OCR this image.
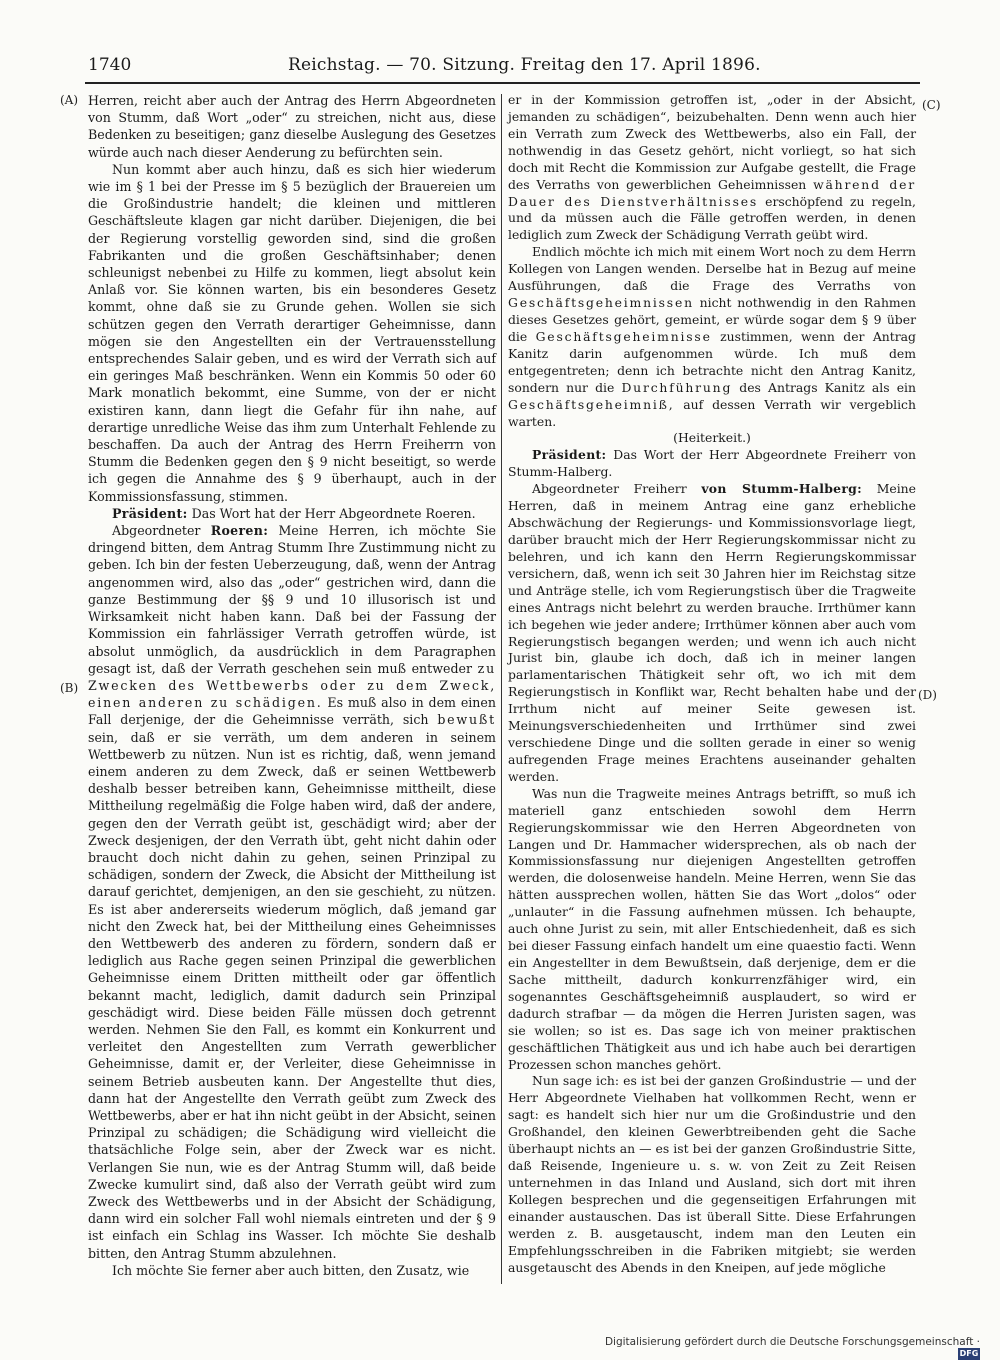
1740	Reichstag. — 70. Sitzung. Freitag den 17. April 1896.
(A)
(B)
(C)
(D)

Herren, reicht aber auch der Antrag des Herrn Abgeordneten von Stumm, daß Wort „oder“ zu streichen, nicht aus, diese Bedenken zu beseitigen; ganz dieselbe Auslegung des Gesetzes würde auch nach dieser Aenderung zu befürchten sein.

Nun kommt aber auch hinzu, daß es sich hier wiederum wie im § 1 bei der Presse im § 5 bezüglich der Brauereien um die Großindustrie handelt; die kleinen und mittleren Geschäftsleute klagen gar nicht darüber. Diejenigen, die bei der Regierung vorstellig geworden sind, sind die großen Fabrikanten und die großen Geschäftsinhaber; denen schleunigst nebenbei zu Hilfe zu kommen, liegt absolut kein Anlaß vor. Sie können warten, bis ein besonderes Gesetz kommt, ohne daß sie zu Grunde gehen. Wollen sie sich schützen gegen den Verrath derartiger Geheimnisse, dann mögen sie den Angestellten ein der Vertrauensstellung entsprechendes Salair geben, und es wird der Verrath sich auf ein geringes Maß beschränken. Wenn ein Kommis 50 oder 60 Mark monatlich bekommt, eine Summe, von der er nicht existiren kann, dann liegt die Gefahr für ihn nahe, auf derartige unredliche Weise das ihm zum Unterhalt Fehlende zu beschaffen. Da auch der Antrag des Herrn Freiherrn von Stumm die Bedenken gegen den § 9 nicht beseitigt, so werde ich gegen die Annahme des § 9 überhaupt, auch in der Kommissionsfassung, stimmen.

Präsident: Das Wort hat der Herr Abgeordnete Roeren.

Abgeordneter Roeren: Meine Herren, ich möchte Sie dringend bitten, dem Antrag Stumm Ihre Zustimmung nicht zu geben. Ich bin der festen Ueberzeugung, daß, wenn der Antrag angenommen wird, also das „oder“ gestrichen wird, dann die ganze Bestimmung der §§ 9 und 10 illusorisch ist und Wirksamkeit nicht haben kann. Daß bei der Fassung der Kommission ein fahrlässiger Verrath getroffen würde, ist absolut unmöglich, da ausdrücklich in dem Paragraphen gesagt ist, daß der Verrath geschehen sein muß entweder zu Zwecken des Wettbewerbs oder zu dem Zweck, einen anderen zu schädigen. Es muß also in dem einen Fall derjenige, der die Geheimnisse verräth, sich bewußt sein, daß er sie verräth, um dem anderen in seinem Wettbewerb zu nützen. Nun ist es richtig, daß, wenn jemand einem anderen zu dem Zweck, daß er seinen Wettbewerb deshalb besser betreiben kann, Geheimnisse mittheilt, diese Mittheilung regelmäßig die Folge haben wird, daß der andere, gegen den der Verrath geübt ist, geschädigt wird; aber der Zweck desjenigen, der den Verrath übt, geht nicht dahin oder braucht doch nicht dahin zu gehen, seinen Prinzipal zu schädigen, sondern der Zweck, die Absicht der Mittheilung ist darauf gerichtet, demjenigen, an den sie geschieht, zu nützen. Es ist aber andererseits wiederum möglich, daß jemand gar nicht den Zweck hat, bei der Mittheilung eines Geheimnisses den Wettbewerb des anderen zu fördern, sondern daß er lediglich aus Rache gegen seinen Prinzipal die gewerblichen Geheimnisse einem Dritten mittheilt oder gar öffentlich bekannt macht, lediglich, damit dadurch sein Prinzipal geschädigt wird. Diese beiden Fälle müssen doch getrennt werden. Nehmen Sie den Fall, es kommt ein Konkurrent und verleitet den Angestellten zum Verrath gewerblicher Geheimnisse, damit er, der Verleiter, diese Geheimnisse in seinem Betrieb ausbeuten kann. Der Angestellte thut dies, dann hat der Angestellte den Verrath geübt zum Zweck des Wettbewerbs, aber er hat ihn nicht geübt in der Absicht, seinen Prinzipal zu schädigen; die Schädigung wird vielleicht die thatsächliche Folge sein, aber der Zweck war es nicht. Verlangen Sie nun, wie es der Antrag Stumm will, daß beide Zwecke kumulirt sind, daß also der Verrath geübt wird zum Zweck des Wettbewerbs und in der Absicht der Schädigung, dann wird ein solcher Fall wohl niemals eintreten und der § 9 ist einfach ein Schlag ins Wasser. Ich möchte Sie deshalb bitten, den Antrag Stumm abzulehnen.

Ich möchte Sie ferner aber auch bitten, den Zusatz, wie

er in der Kommission getroffen ist, „oder in der Absicht, jemanden zu schädigen“, beizubehalten. Denn wenn auch hier ein Verrath zum Zweck des Wettbewerbs, also ein Fall, der nothwendig in das Gesetz gehört, nicht vorliegt, so hat sich doch mit Recht die Kommission zur Aufgabe gestellt, die Frage des Verraths von gewerblichen Geheimnissen während der Dauer des Dienstverhältnisses erschöpfend zu regeln, und da müssen auch die Fälle getroffen werden, in denen lediglich zum Zweck der Schädigung Verrath geübt wird.

Endlich möchte ich mich mit einem Wort noch zu dem Herrn Kollegen von Langen wenden. Derselbe hat in Bezug auf meine Ausführungen, daß die Frage des Verraths von Geschäftsgeheimnissen nicht nothwendig in den Rahmen dieses Gesetzes gehört, gemeint, er würde sogar dem § 9 über die Geschäftsgeheimnisse zustimmen, wenn der Antrag Kanitz darin aufgenommen würde. Ich muß dem entgegentreten; denn ich betrachte nicht den Antrag Kanitz, sondern nur die Durchführung des Antrags Kanitz als ein Geschäftsgeheimniß, auf dessen Verrath wir vergeblich warten.

(Heiterkeit.)

Präsident: Das Wort der Herr Abgeordnete Freiherr von Stumm-Halberg.

Abgeordneter Freiherr von Stumm-Halberg: Meine Herren, daß in meinem Antrag eine ganz erhebliche Abschwächung der Regierungs- und Kommissionsvorlage liegt, darüber braucht mich der Herr Regierungskommissar nicht zu belehren, und ich kann den Herrn Regierungskommissar versichern, daß, wenn ich seit 30 Jahren hier im Reichstag sitze und Anträge stelle, ich vom Regierungstisch über die Tragweite eines Antrags nicht belehrt zu werden brauche. Irrthümer kann ich begehen wie jeder andere; Irrthümer können aber auch vom Regierungstisch begangen werden; und wenn ich auch nicht Jurist bin, glaube ich doch, daß ich in meiner langen parlamentarischen Thätigkeit sehr oft, wo ich mit dem Regierungstisch in Konflikt war, Recht behalten habe und der Irrthum nicht auf meiner Seite gewesen ist. Meinungsverschiedenheiten und Irrthümer sind zwei verschiedene Dinge und die sollten gerade in einer so wenig aufregenden Frage meines Erachtens auseinander gehalten werden.

Was nun die Tragweite meines Antrags betrifft, so muß ich materiell ganz entschieden sowohl dem Herrn Regierungskommissar wie den Herren Abgeordneten von Langen und Dr. Hammacher widersprechen, als ob nach der Kommissionsfassung nur diejenigen Angestellten getroffen werden, die dolosenweise handeln. Meine Herren, wenn Sie das hätten aussprechen wollen, hätten Sie das Wort „dolos“ oder „unlauter“ in die Fassung aufnehmen müssen. Ich behaupte, auch ohne Jurist zu sein, mit aller Entschiedenheit, daß es sich bei dieser Fassung einfach handelt um eine quaestio facti. Wenn ein Angestellter in dem Bewußtsein, daß derjenige, dem er die Sache mittheilt, dadurch konkurrenzfähiger wird, ein sogenanntes Geschäftsgeheimniß ausplaudert, so wird er dadurch strafbar — da mögen die Herren Juristen sagen, was sie wollen; so ist es. Das sage ich von meiner praktischen geschäftlichen Thätigkeit aus und ich habe auch bei derartigen Prozessen schon manches gehört.

Nun sage ich: es ist bei der ganzen Großindustrie — und der Herr Abgeordnete Vielhaben hat vollkommen Recht, wenn er sagt: es handelt sich hier nur um die Großindustrie und den Großhandel, den kleinen Gewerbtreibenden geht die Sache überhaupt nichts an — es ist bei der ganzen Großindustrie Sitte, daß Reisende, Ingenieure u. s. w. von Zeit zu Zeit Reisen unternehmen in das Inland und Ausland, sich dort mit ihren Kollegen besprechen und die gegenseitigen Erfahrungen mit einander austauschen. Das ist überall Sitte. Diese Erfahrungen werden z. B. ausgetauscht, indem man den Leuten ein Empfehlungsschreiben in die Fabriken mitgiebt; sie werden ausgetauscht des Abends in den Kneipen, auf jede mögliche

Digitalisierung gefördert durch die Deutsche Forschungsgemeinschaft ·DFG
